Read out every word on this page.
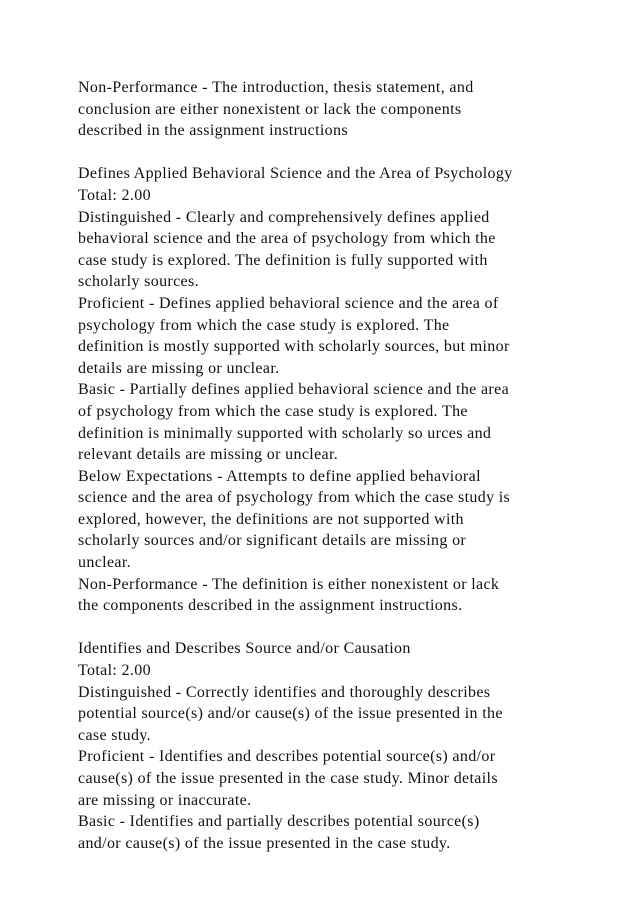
Non-Performance - The introduction, thesis statement, and
conclusion are either nonexistent or lack the components
described in the assignment instructions
Defines Applied Behavioral Science and the Area of Psychology
Total: 2.00
Distinguished - Clearly and comprehensively defines applied
behavioral science and the area of psychology from which the
case study is explored. The definition is fully supported with
scholarly sources.
Proficient - Defines applied behavioral science and the area of
psychology from which the case study is explored. The
definition is mostly supported with scholarly sources, but minor
details are missing or unclear.
Basic - Partially defines applied behavioral science and the area
of psychology from which the case study is explored. The
definition is minimally supported with scholarly so urces and
relevant details are missing or unclear.
Below Expectations - Attempts to define applied behavioral
science and the area of psychology from which the case study is
explored, however, the definitions are not supported with
scholarly sources and/or significant details are missing or
unclear.
Non-Performance - The definition is either nonexistent or lack
the components described in the assignment instructions.
Identifies and Describes Source and/or Causation
Total: 2.00
Distinguished - Correctly identifies and thoroughly describes
potential source(s) and/or cause(s) of the issue presented in the
case study.
Proficient - Identifies and describes potential source(s) and/or
cause(s) of the issue presented in the case study. Minor details
are missing or inaccurate.
Basic - Identifies and partially describes potential source(s)
and/or cause(s) of the issue presented in the case study.
